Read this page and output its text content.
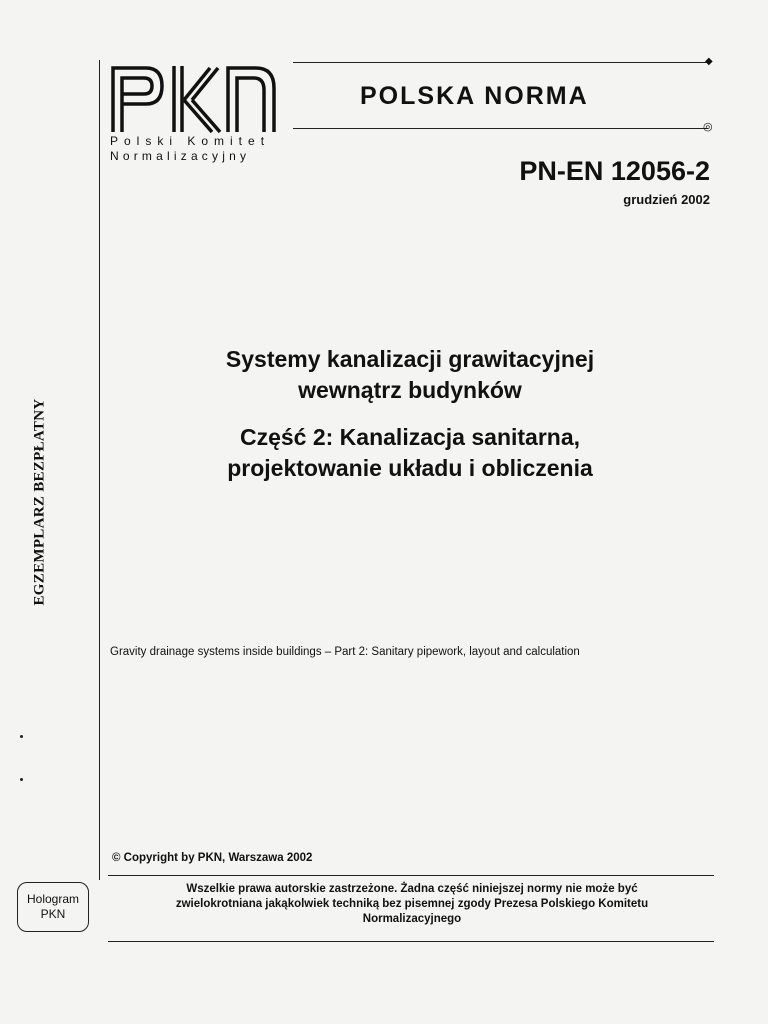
Polski Komitet
Normalizacyjny
◆
POLSKA NORMA
◎
PN-EN 12056-2
grudzień 2002
Systemy kanalizacji grawitacyjnej
wewnątrz budynków
Część 2: Kanalizacja sanitarna,
projektowanie układu i obliczenia
Gravity drainage systems inside buildings – Part 2: Sanitary pipework, layout and calculation
EGZEMPLARZ BEZPŁATNY
© Copyright by PKN, Warszawa 2002
Wszelkie prawa autorskie zastrzeżone. Żadna część niniejszej normy nie może być
zwielokrotniana jakąkolwiek techniką bez pisemnej zgody Prezesa Polskiego Komitetu
Normalizacyjnego
Hologram
PKN
